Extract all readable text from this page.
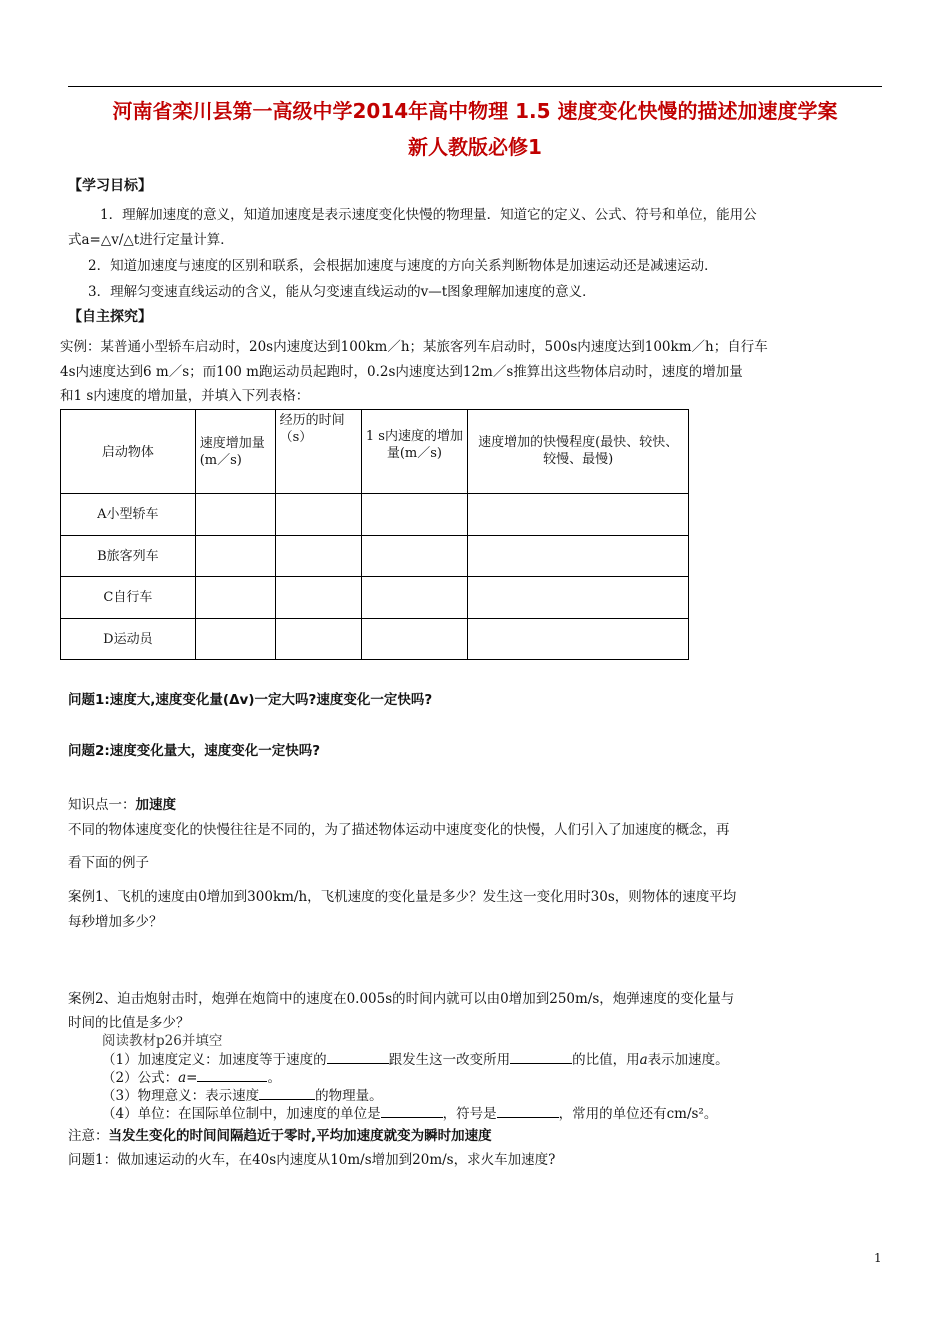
河南省栾川县第一高级中学2014年高中物理 1.5 速度变化快慢的描述加速度学案
新人教版必修1
【学习目标】
1．理解加速度的意义，知道加速度是表示速度变化快慢的物理量．知道它的定义、公式、符号和单位，能用公
式a=△v/△t进行定量计算．
2．知道加速度与速度的区别和联系，会根据加速度与速度的方向关系判断物体是加速运动还是减速运动．
3．理解匀变速直线运动的含义，能从匀变速直线运动的v—t图象理解加速度的意义．
【自主探究】
实例：某普通小型轿车启动时，20s内速度达到100km／h；某旅客列车启动时，500s内速度达到100km／h；自行车
4s内速度达到6 m／s；而100 m跑运动员起跑时，0.2s内速度达到12m／s推算出这些物体启动时，速度的增加量
和1 s内速度的增加量，并填入下列表格：
启动物体	速度增加量(m／s)	经历的时间（s）	1 s内速度的增加量(m／s)	速度增加的快慢程度(最快、较快、较慢、最慢)

A小型轿车				

B旅客列车				

C自行车				

D运动员				

问题1:速度大,速度变化量(Δv)一定大吗?速度变化一定快吗?
问题2:速度变化量大，速度变化一定快吗?
知识点一：加速度
不同的物体速度变化的快慢往往是不同的，为了描述物体运动中速度变化的快慢，人们引入了加速度的概念，再
看下面的例子
案例1、飞机的速度由0增加到300km/h，飞机速度的变化量是多少？发生这一变化用时30s，则物体的速度平均
每秒增加多少？
案例2、迫击炮射击时，炮弹在炮筒中的速度在0.005s的时间内就可以由0增加到250m/s，炮弹速度的变化量与
时间的比值是多少？
阅读教材p26并填空
（1）加速度定义：加速度等于速度的	跟发生这一改变所用	的比值，用a表示加速度。
（2）公式：a=	。
（3）物理意义：表示速度	的物理量。
（4）单位：在国际单位制中，加速度的单位是	，符号是	，常用的单位还有cm/s²。
注意：当发生变化的时间间隔趋近于零时,平均加速度就变为瞬时加速度
问题1：做加速运动的火车，在40s内速度从10m/s增加到20m/s，求火车加速度?
1
